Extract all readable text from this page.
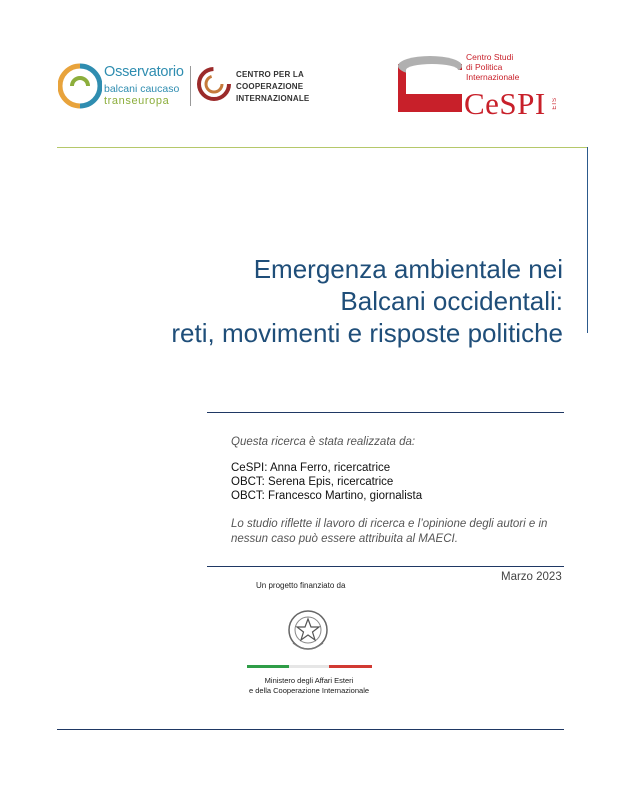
Osservatorio
balcani caucaso
transeuropa
CENTRO PER LA
COOPERAZIONE
INTERNAZIONALE
Centro Studi
di Politica
Internazionale
CeSPI ETS
Emergenza ambientale nei
Balcani occidentali:
reti, movimenti e risposte politiche
Questa ricerca è stata realizzata da:
CeSPI: Anna Ferro, ricercatrice
OBCT: Serena Epis, ricercatrice
OBCT: Francesco Martino, giornalista
Lo studio riflette il lavoro di ricerca e l’opinione degli autori e in nessun caso può essere attribuita al MAECI.
Marzo 2023
Un progetto finanziato da
Ministero degli Affari Esteri
e della Cooperazione Internazionale
